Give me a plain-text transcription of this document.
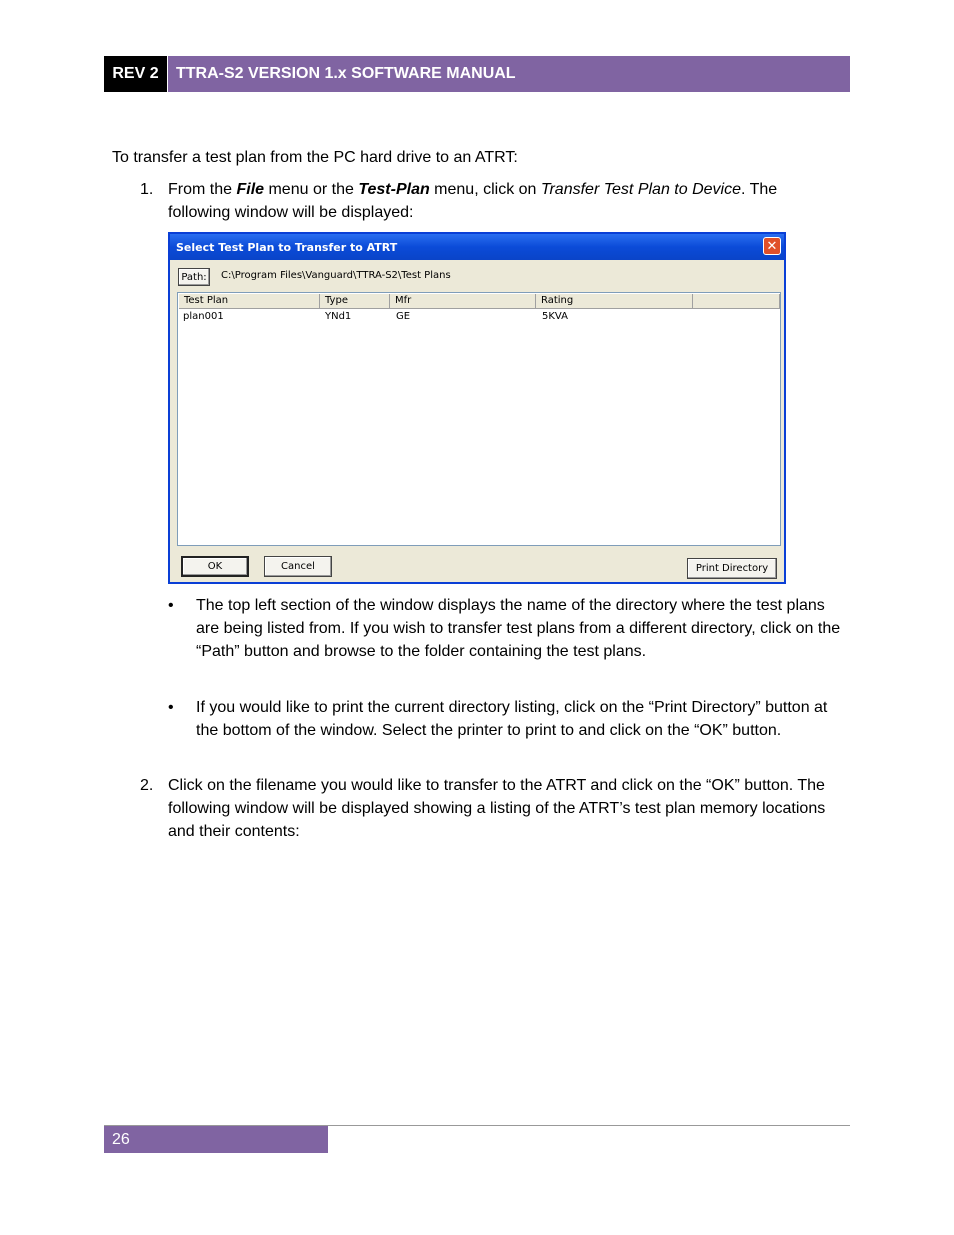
REV 2	TTRA-S2 VERSION 1.x SOFTWARE MANUAL
To transfer a test plan from the PC hard drive to an ATRT:
1. From the File menu or the Test-Plan menu, click on Transfer Test Plan to Device. The following window will be displayed:
Select Test Plan to Transfer to ATRT	✕
Path:	C:\Program Files\Vanguard\TTRA-S2\Test Plans
Test Plan	Type	Mfr	Rating
plan001	YNd1	GE	5KVA
OK	Cancel	Print Directory
• The top left section of the window displays the name of the directory where the test plans are being listed from. If you wish to transfer test plans from a different directory, click on the “Path” button and browse to the folder containing the test plans.
• If you would like to print the current directory listing, click on the “Print Directory” button at the bottom of the window. Select the printer to print to and click on the “OK” button.
2. Click on the filename you would like to transfer to the ATRT and click on the “OK” button. The following window will be displayed showing a listing of the ATRT’s test plan memory locations and their contents:
26
